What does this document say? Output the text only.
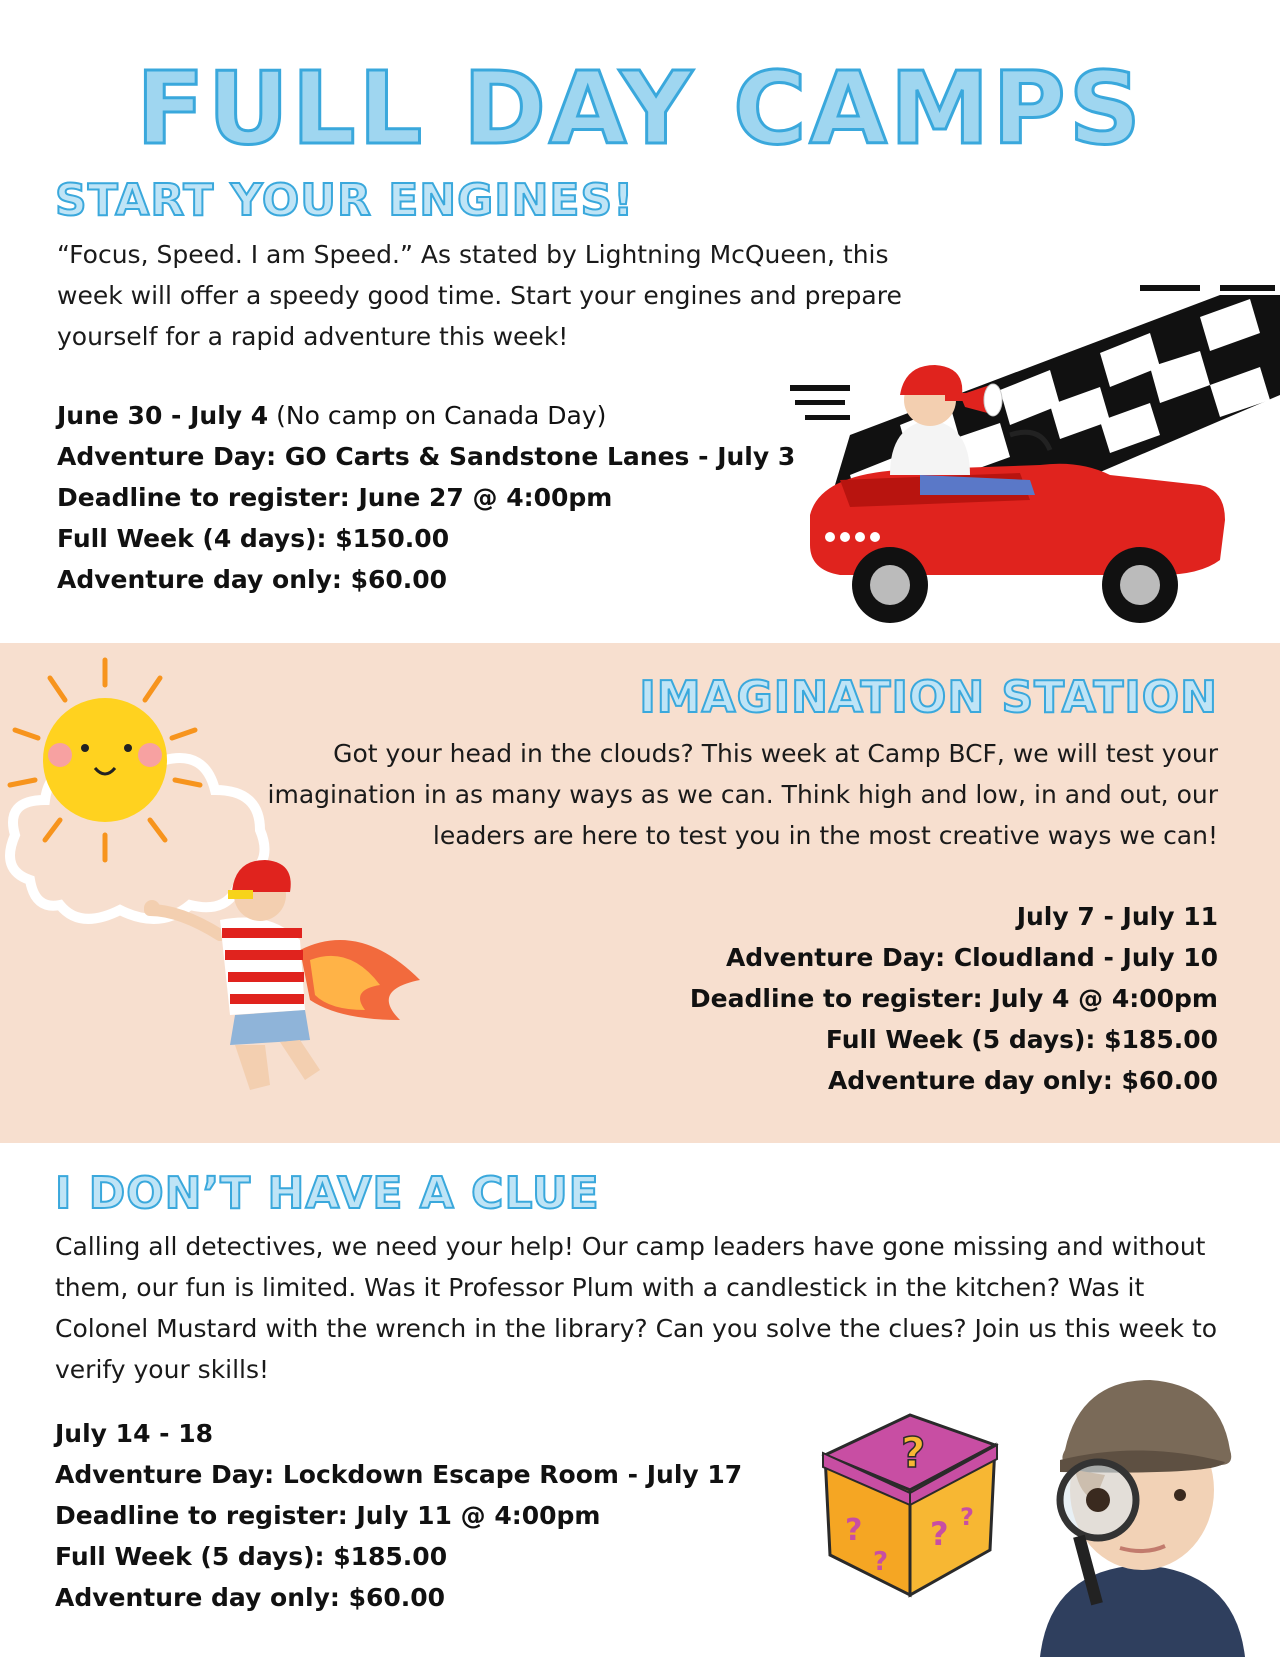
FULL DAY CAMPS
START YOUR ENGINES!

“Focus, Speed. I am Speed.” As stated by Lightning McQueen, this week will offer a speedy good time. Start your engines and prepare yourself for a rapid adventure this week!

June 30 - July 4 (No camp on Canada Day)
Adventure Day: GO Carts & Sandstone Lanes - July 3
Deadline to register: June 27 @ 4:00pm
Full Week (4 days): $150.00
Adventure day only: $60.00
IMAGINATION STATION

Got your head in the clouds? This week at Camp BCF, we will test your imagination in as many ways as we can. Think high and low, in and out, our leaders are here to test you in the most creative ways we can!

July 7 - July 11
Adventure Day: Cloudland - July 10
Deadline to register: July 4 @ 4:00pm
Full Week (5 days): $185.00
Adventure day only: $60.00
I DON’T HAVE A CLUE

Calling all detectives, we need your help! Our camp leaders have gone missing and without them, our fun is limited. Was it Professor Plum with a candlestick in the kitchen? Was it Colonel Mustard with the wrench in the library? Can you solve the clues? Join us this week to verify your skills!

July 14 - 18
Adventure Day: Lockdown Escape Room - July 17
Deadline to register: July 11 @ 4:00pm
Full Week (5 days): $185.00
Adventure day only: $60.00
?
?
?
? ?
